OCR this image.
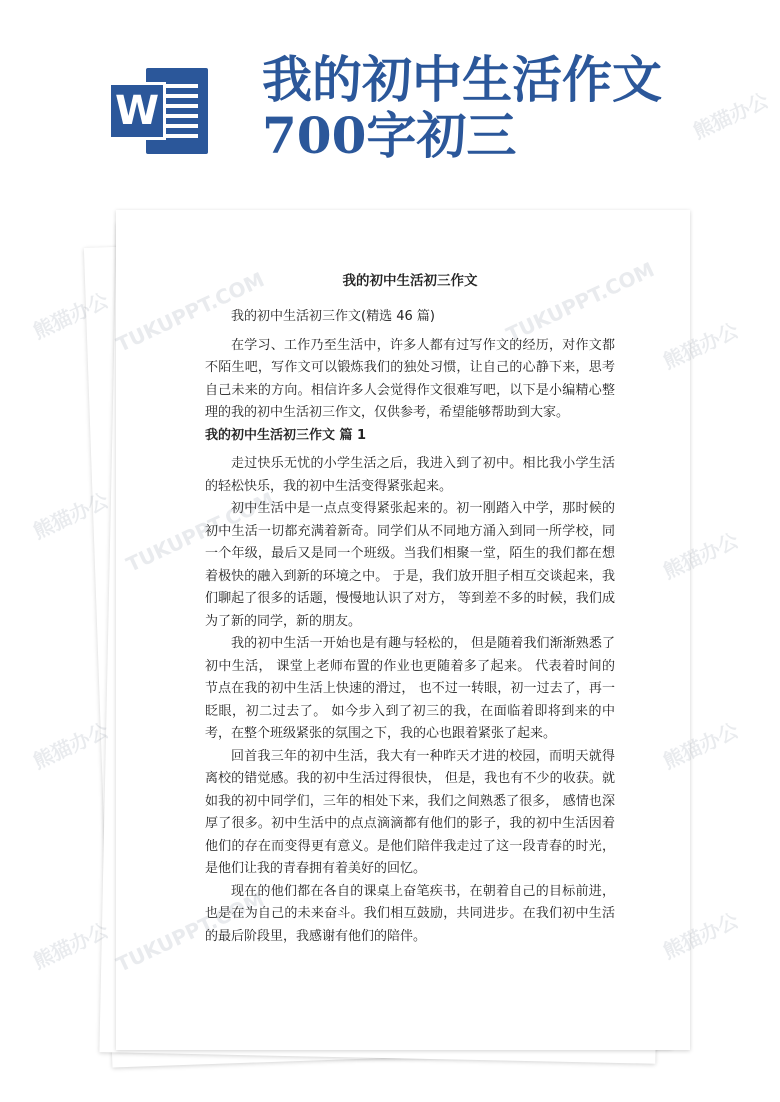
W
我的初中生活作文
700字初三
熊猫办公
熊猫办公
熊猫办公
熊猫办公
熊猫办公	熊猫办公
熊猫办公	熊猫办公
熊猫办公
我的初中生活初三作文

我的初中生活初三作文(精选 46 篇)

在学习、工作乃至生活中，许多人都有过写作文的经历，对作文都不陌生吧，写作文可以锻炼我们的独处习惯，让自己的心静下来，思考自己未来的方向。相信许多人会觉得作文很难写吧，以下是小编精心整理的我的初中生活初三作文，仅供参考，希望能够帮助到大家。

我的初中生活初三作文 篇 1

走过快乐无忧的小学生活之后，我进入到了初中。相比我小学生活的轻松快乐，我的初中生活变得紧张起来。

初中生活中是一点点变得紧张起来的。初一刚踏入中学，那时候的初中生活一切都充满着新奇。同学们从不同地方涌入到同一所学校，同一个年级，最后又是同一个班级。当我们相聚一堂，陌生的我们都在想着极快的融入到新的环境之中。 于是，我们放开胆子相互交谈起来，我们聊起了很多的话题，慢慢地认识了对方， 等到差不多的时候，我们成为了新的同学，新的朋友。

我的初中生活一开始也是有趣与轻松的， 但是随着我们渐渐熟悉了初中生活， 课堂上老师布置的作业也更随着多了起来。 代表着时间的节点在我的初中生活上快速的滑过， 也不过一转眼，初一过去了，再一眨眼，初二过去了。 如今步入到了初三的我，在面临着即将到来的中考，在整个班级紧张的氛围之下，我的心也跟着紧张了起来。

回首我三年的初中生活，我大有一种昨天才进的校园，而明天就得离校的错觉感。我的初中生活过得很快， 但是，我也有不少的收获。就如我的初中同学们，三年的相处下来，我们之间熟悉了很多， 感情也深厚了很多。初中生活中的点点滴滴都有他们的影子，我的初中生活因着他们的存在而变得更有意义。是他们陪伴我走过了这一段青春的时光，是他们让我的青春拥有着美好的回忆。

现在的他们都在各自的课桌上奋笔疾书，在朝着自己的目标前进，也是在为自己的未来奋斗。我们相互鼓励，共同进步。在我们初中生活的最后阶段里，我感谢有他们的陪伴。
